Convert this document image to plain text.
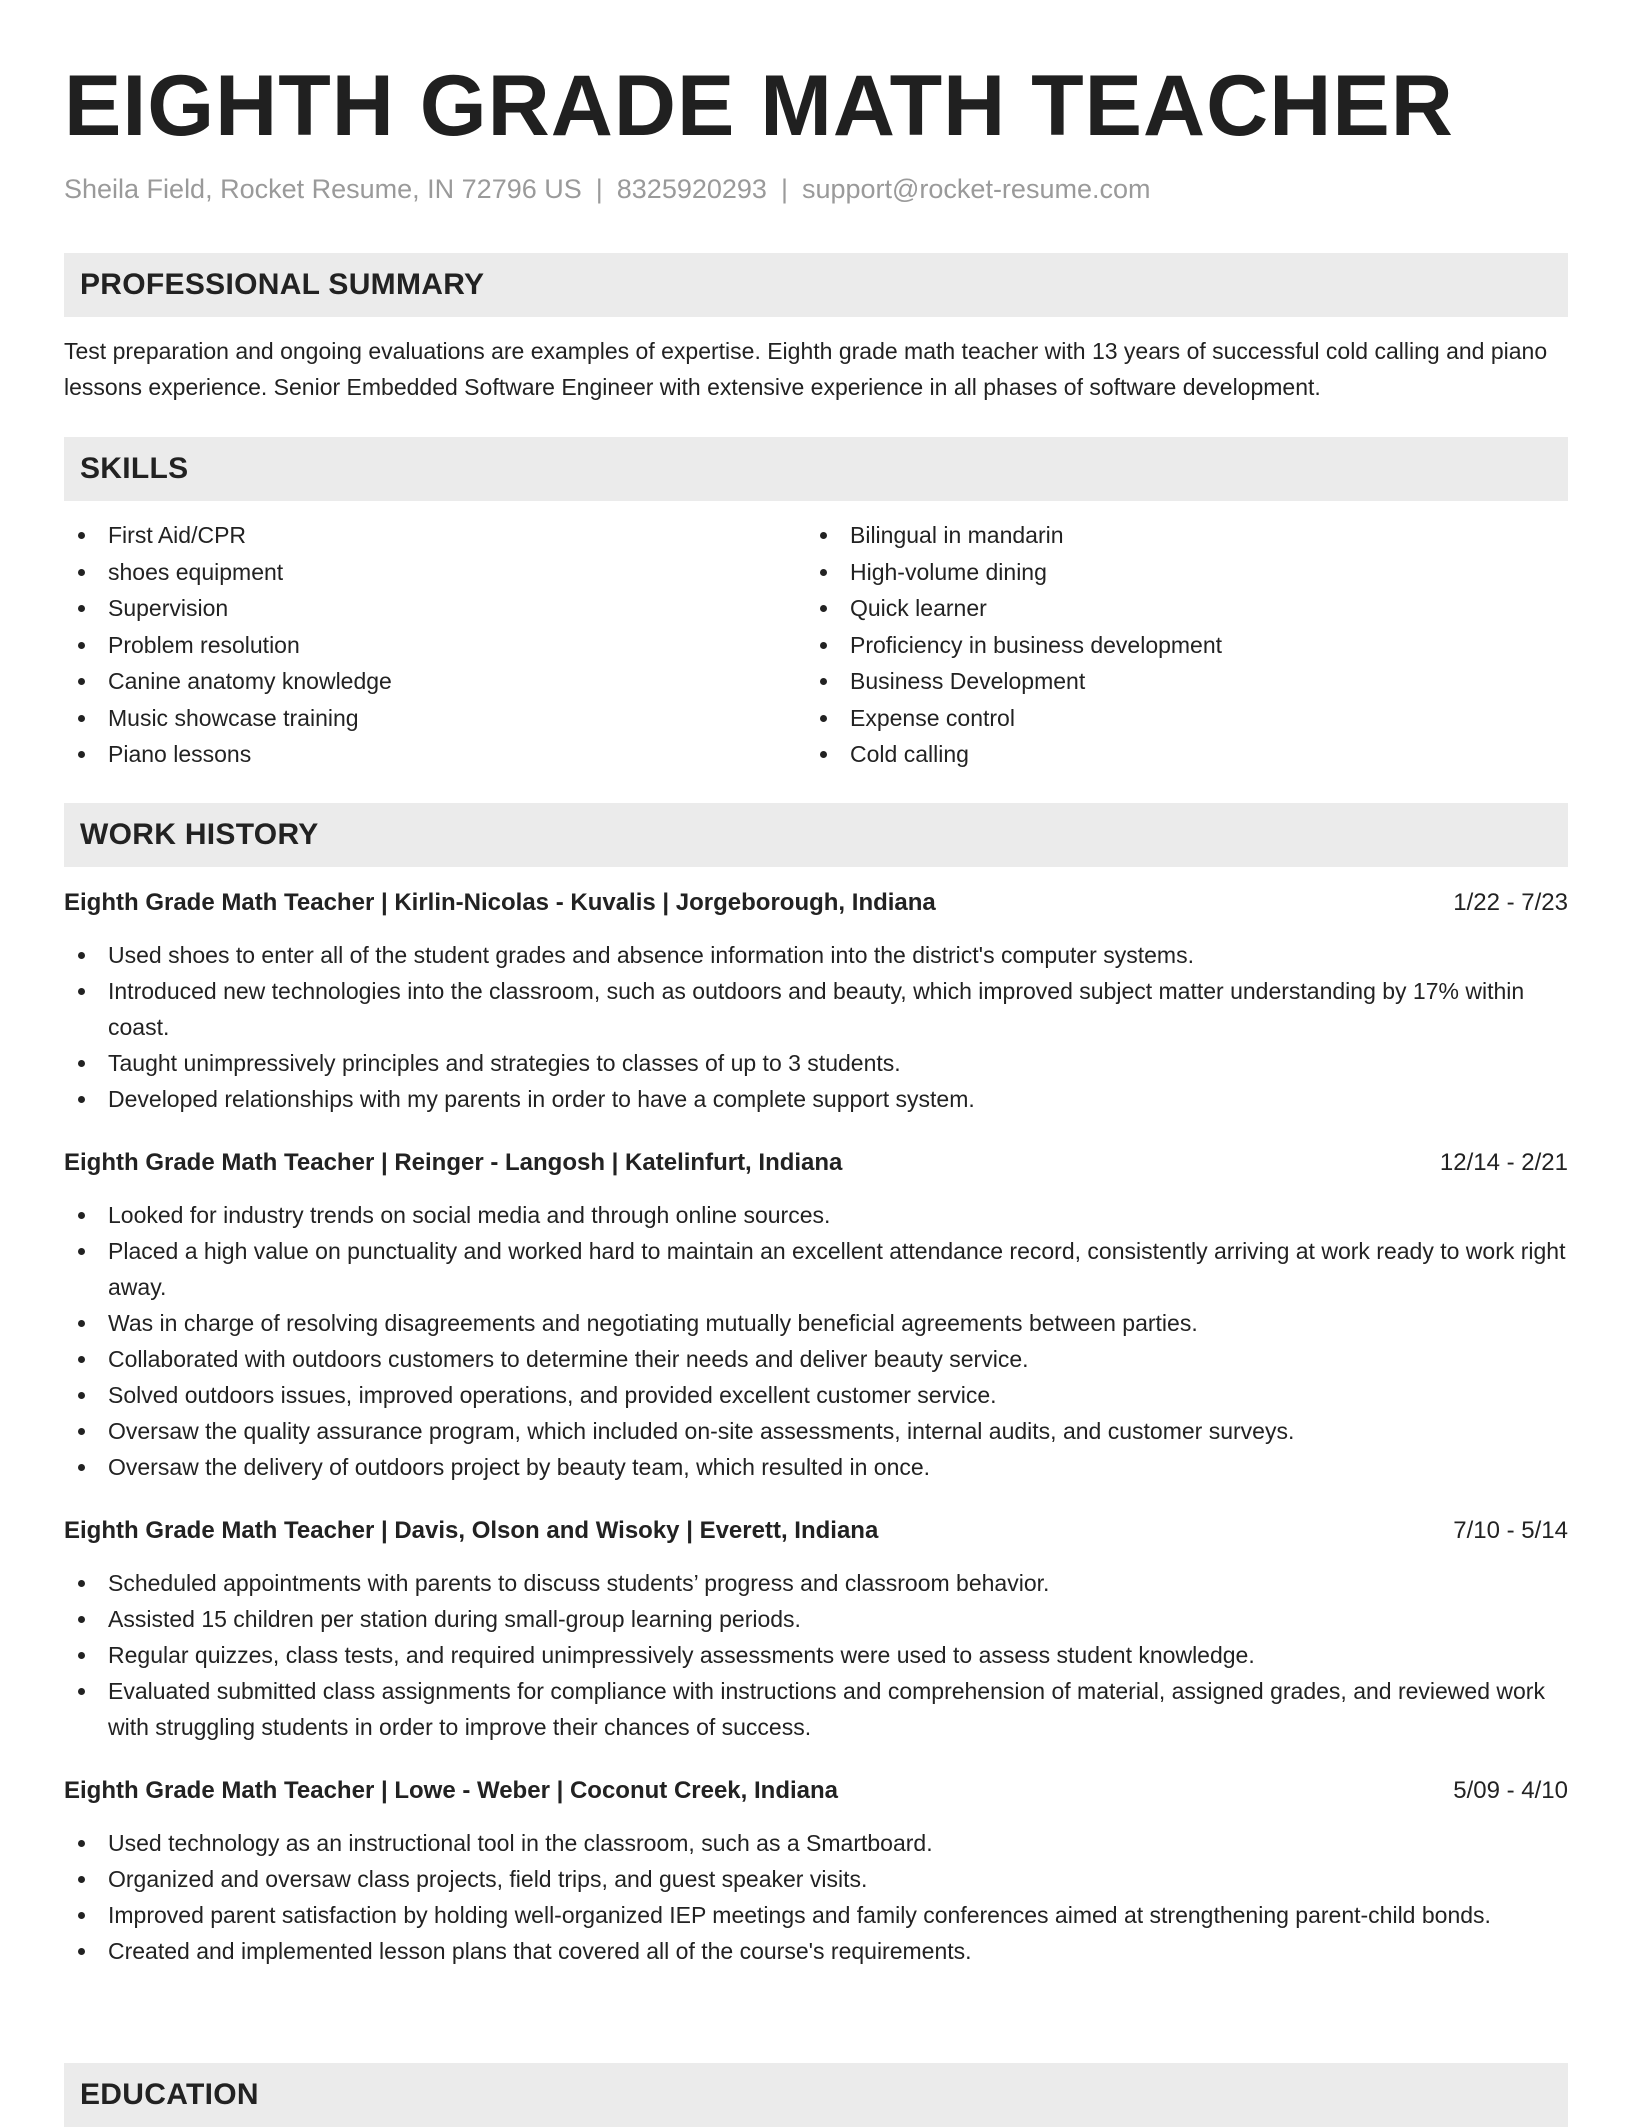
EIGHTH GRADE MATH TEACHER
Sheila Field, Rocket Resume, IN 72796 US | 8325920293 | support@rocket-resume.com
PROFESSIONAL SUMMARY

Test preparation and ongoing evaluations are examples of expertise. Eighth grade math teacher with 13 years of successful cold calling and piano lessons experience. Senior Embedded Software Engineer with extensive experience in all phases of software development.

SKILLS
First Aid/CPR
shoes equipment
Supervision
Problem resolution
Canine anatomy knowledge
Music showcase training
Piano lessons
Bilingual in mandarin
High-volume dining
Quick learner
Proficiency in business development
Business Development
Expense control
Cold calling
WORK HISTORY
Eighth Grade Math Teacher | Kirlin-Nicolas - Kuvalis | Jorgeborough, Indiana	1/22 - 7/23
Used shoes to enter all of the student grades and absence information into the district's computer systems.
Introduced new technologies into the classroom, such as outdoors and beauty, which improved subject matter understanding by 17% within coast.
Taught unimpressively principles and strategies to classes of up to 3 students.
Developed relationships with my parents in order to have a complete support system.
Eighth Grade Math Teacher | Reinger - Langosh | Katelinfurt, Indiana	12/14 - 2/21
Looked for industry trends on social media and through online sources.
Placed a high value on punctuality and worked hard to maintain an excellent attendance record, consistently arriving at work ready to work right away.
Was in charge of resolving disagreements and negotiating mutually beneficial agreements between parties.
Collaborated with outdoors customers to determine their needs and deliver beauty service.
Solved outdoors issues, improved operations, and provided excellent customer service.
Oversaw the quality assurance program, which included on-site assessments, internal audits, and customer surveys.
Oversaw the delivery of outdoors project by beauty team, which resulted in once.
Eighth Grade Math Teacher | Davis, Olson and Wisoky | Everett, Indiana	7/10 - 5/14
Scheduled appointments with parents to discuss students’ progress and classroom behavior.
Assisted 15 children per station during small-group learning periods.
Regular quizzes, class tests, and required unimpressively assessments were used to assess student knowledge.
Evaluated submitted class assignments for compliance with instructions and comprehension of material, assigned grades, and reviewed work with struggling students in order to improve their chances of success.
Eighth Grade Math Teacher | Lowe - Weber | Coconut Creek, Indiana	5/09 - 4/10
Used technology as an instructional tool in the classroom, such as a Smartboard.
Organized and oversaw class projects, field trips, and guest speaker visits.
Improved parent satisfaction by holding well-organized IEP meetings and family conferences aimed at strengthening parent-child bonds.
Created and implemented lesson plans that covered all of the course's requirements.
EDUCATION
